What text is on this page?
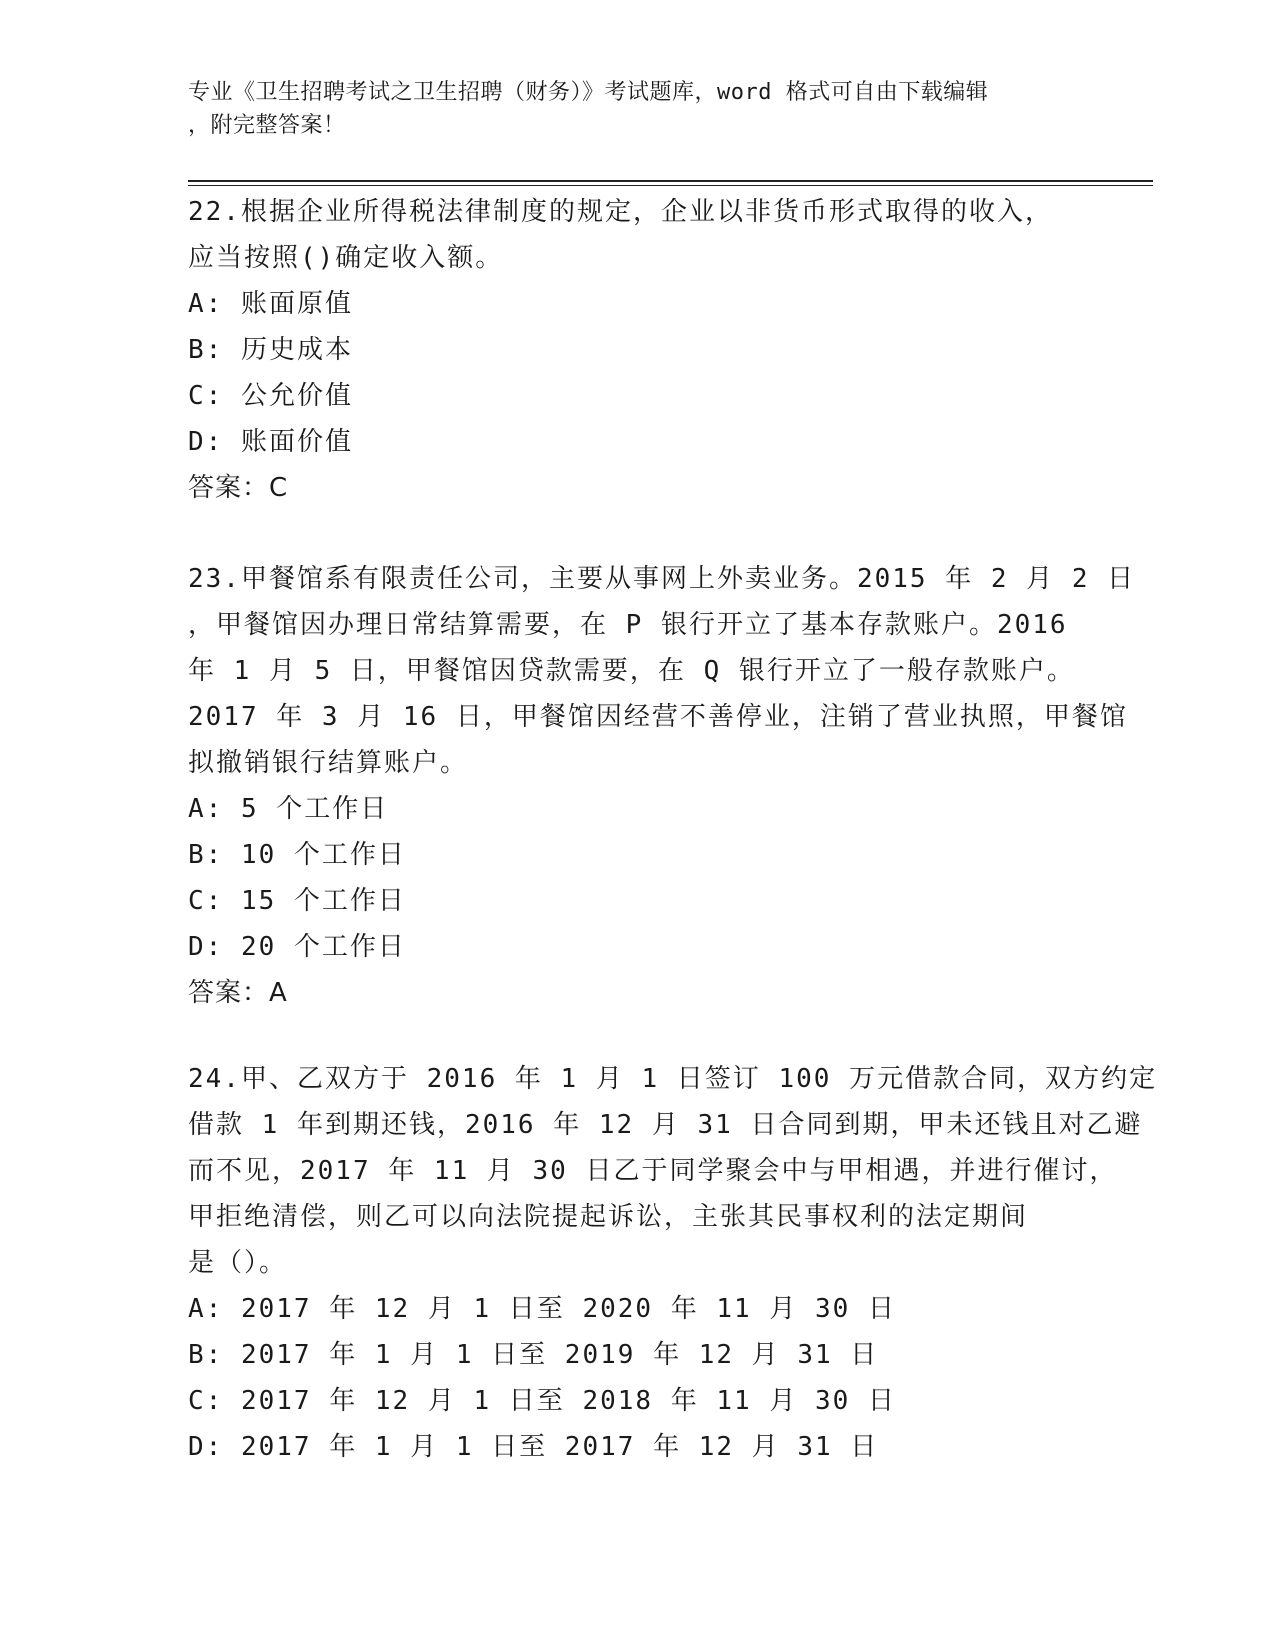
专业《卫生招聘考试之卫生招聘（财务）》考试题库，word 格式可自由下载编辑
，附完整答案！
22.根据企业所得税法律制度的规定，企业以非货币形式取得的收入，
应当按照()确定收入额。
A: 账面原值
B: 历史成本
C: 公允价值
D: 账面价值
答案：C
23.甲餐馆系有限责任公司，主要从事网上外卖业务。2015 年 2 月 2 日
，甲餐馆因办理日常结算需要，在 P 银行开立了基本存款账户。2016
年 1 月 5 日，甲餐馆因贷款需要，在 Q 银行开立了一般存款账户。
2017 年 3 月 16 日，甲餐馆因经营不善停业，注销了营业执照，甲餐馆
拟撤销银行结算账户。
A: 5 个工作日
B: 10 个工作日
C: 15 个工作日
D: 20 个工作日
答案：A
24.甲、乙双方于 2016 年 1 月 1 日签订 100 万元借款合同，双方约定
借款 1 年到期还钱，2016 年 12 月 31 日合同到期，甲未还钱且对乙避
而不见，2017 年 11 月 30 日乙于同学聚会中与甲相遇，并进行催讨，
甲拒绝清偿，则乙可以向法院提起诉讼，主张其民事权利的法定期间
是（）。
A: 2017 年 12 月 1 日至 2020 年 11 月 30 日
B: 2017 年 1 月 1 日至 2019 年 12 月 31 日
C: 2017 年 12 月 1 日至 2018 年 11 月 30 日
D: 2017 年 1 月 1 日至 2017 年 12 月 31 日
